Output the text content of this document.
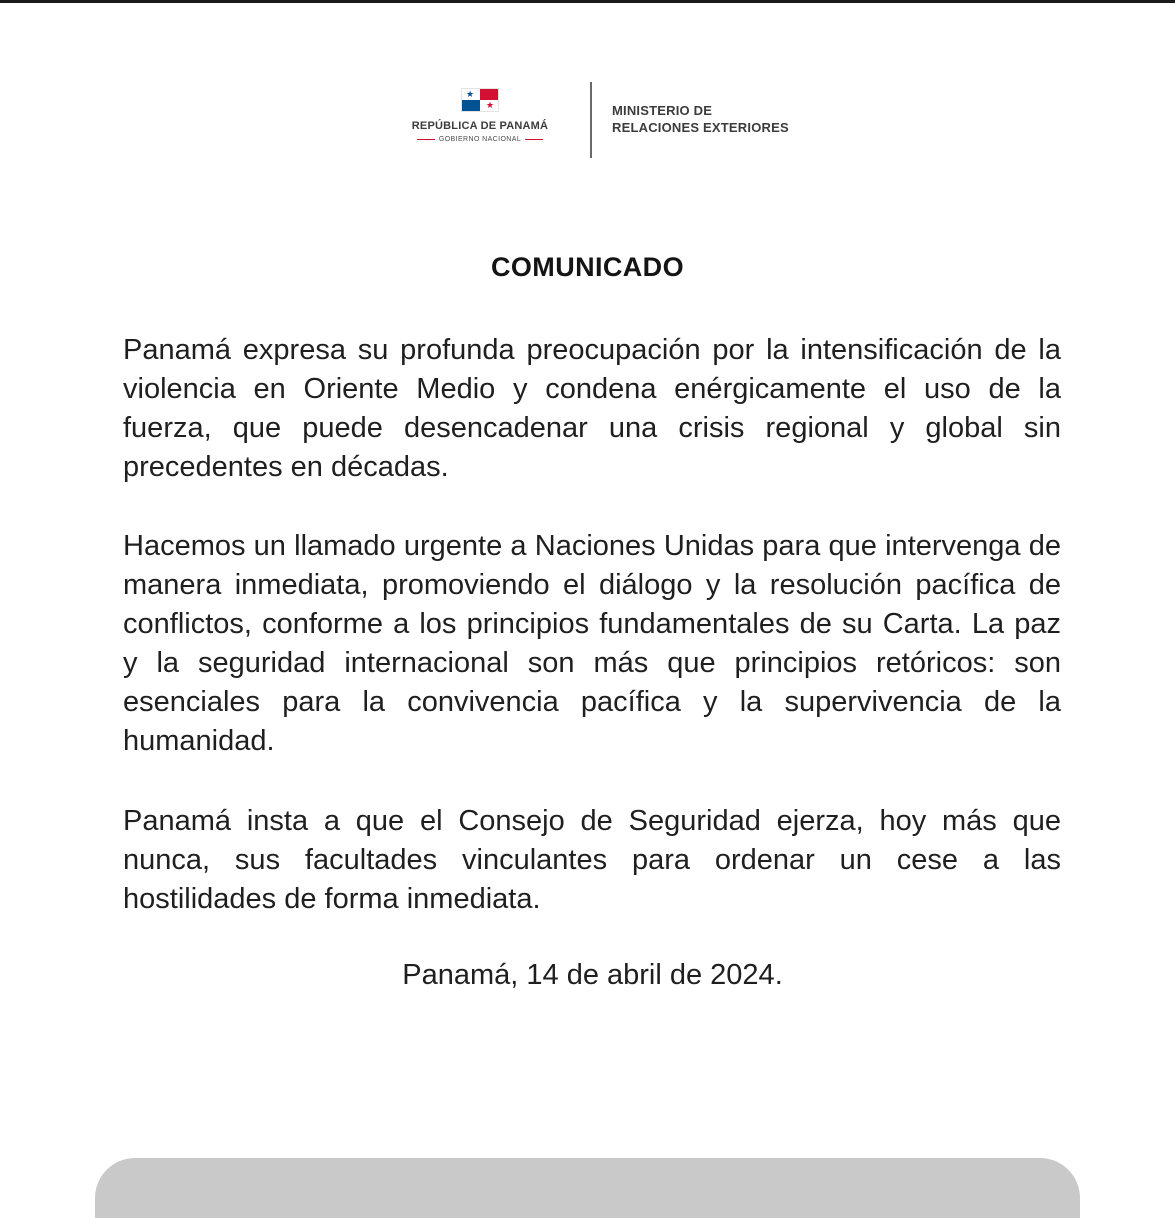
★
★
REPÚBLICA DE PANAMÁ
GOBIERNO NACIONAL
MINISTERIO DE
RELACIONES EXTERIORES
COMUNICADO

Panamá expresa su profunda preocupación por la intensificación de la violencia en Oriente Medio y condena enérgicamente el uso de la fuerza, que puede desencadenar una crisis regional y global sin precedentes en décadas.

Hacemos un llamado urgente a Naciones Unidas para que intervenga de manera inmediata, promoviendo el diálogo y la resolución pacífica de conflictos, conforme a los principios fundamentales de su Carta. La paz y la seguridad internacional son más que principios retóricos: son esenciales para la convivencia pacífica y la supervivencia de la humanidad.

Panamá insta a que el Consejo de Seguridad ejerza, hoy más que nunca, sus facultades vinculantes para ordenar un cese a las hostilidades de forma inmediata.

Panamá, 14 de abril de 2024.
